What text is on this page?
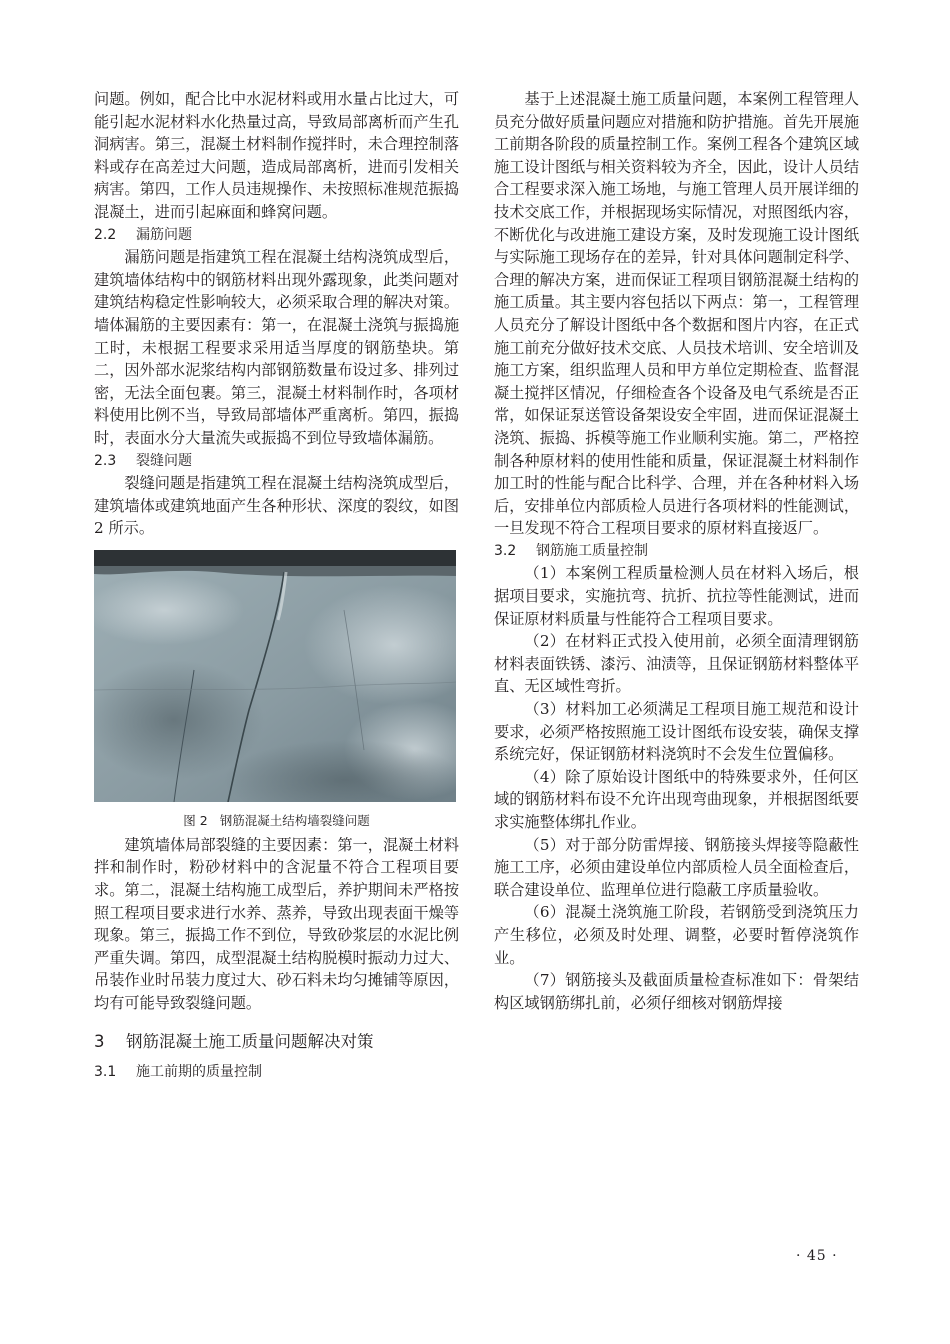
问题。例如，配合比中水泥材料或用水量占比过大，可能引起水泥材料水化热量过高，导致局部离析而产生孔洞病害。第三，混凝土材料制作搅拌时，未合理控制落料或存在高差过大问题，造成局部离析，进而引发相关病害。第四，工作人员违规操作、未按照标准规范振捣混凝土，进而引起麻面和蜂窝问题。

2.2 漏筋问题

漏筋问题是指建筑工程在混凝土结构浇筑成型后，建筑墙体结构中的钢筋材料出现外露现象，此类问题对建筑结构稳定性影响较大，必须采取合理的解决对策。墙体漏筋的主要因素有：第一，在混凝土浇筑与振捣施工时，未根据工程要求采用适当厚度的钢筋垫块。第二，因外部水泥浆结构内部钢筋数量布设过多、排列过密，无法全面包裹。第三，混凝土材料制作时，各项材料使用比例不当，导致局部墙体严重离析。第四，振捣时，表面水分大量流失或振捣不到位导致墙体漏筋。

2.3 裂缝问题

裂缝问题是指建筑工程在混凝土结构浇筑成型后，建筑墙体或建筑地面产生各种形状、深度的裂纹，如图 2 所示。

图 2 钢筋混凝土结构墙裂缝问题

建筑墙体局部裂缝的主要因素：第一，混凝土材料拌和制作时，粉砂材料中的含泥量不符合工程项目要求。第二，混凝土结构施工成型后，养护期间未严格按照工程项目要求进行水养、蒸养，导致出现表面干燥等现象。第三，振捣工作不到位，导致砂浆层的水泥比例严重失调。第四，成型混凝土结构脱模时振动力过大、吊装作业时吊装力度过大、砂石料未均匀摊铺等原因，均有可能导致裂缝问题。

3 钢筋混凝土施工质量问题解决对策
3.1 施工前期的质量控制

基于上述混凝土施工质量问题，本案例工程管理人员充分做好质量问题应对措施和防护措施。首先开展施工前期各阶段的质量控制工作。案例工程各个建筑区域施工设计图纸与相关资料较为齐全，因此，设计人员结合工程要求深入施工场地，与施工管理人员开展详细的技术交底工作，并根据现场实际情况，对照图纸内容，不断优化与改进施工建设方案，及时发现施工设计图纸与实际施工现场存在的差异，针对具体问题制定科学、合理的解决方案，进而保证工程项目钢筋混凝土结构的施工质量。其主要内容包括以下两点：第一，工程管理人员充分了解设计图纸中各个数据和图片内容，在正式施工前充分做好技术交底、人员技术培训、安全培训及施工方案，组织监理人员和甲方单位定期检查、监督混凝土搅拌区情况，仔细检查各个设备及电气系统是否正常，如保证泵送管设备架设安全牢固，进而保证混凝土浇筑、振捣、拆模等施工作业顺利实施。第二，严格控制各种原材料的使用性能和质量，保证混凝土材料制作加工时的性能与配合比科学、合理，并在各种材料入场后，安排单位内部质检人员进行各项材料的性能测试，一旦发现不符合工程项目要求的原材料直接返厂。

3.2 钢筋施工质量控制

（1）本案例工程质量检测人员在材料入场后，根据项目要求，实施抗弯、抗折、抗拉等性能测试，进而保证原材料质量与性能符合工程项目要求。

（2）在材料正式投入使用前，必须全面清理钢筋材料表面铁锈、漆污、油渍等，且保证钢筋材料整体平直、无区域性弯折。

（3）材料加工必须满足工程项目施工规范和设计要求，必须严格按照施工设计图纸布设安装，确保支撑系统完好，保证钢筋材料浇筑时不会发生位置偏移。

（4）除了原始设计图纸中的特殊要求外，任何区域的钢筋材料布设不允许出现弯曲现象，并根据图纸要求实施整体绑扎作业。

（5）对于部分防雷焊接、钢筋接头焊接等隐蔽性施工工序，必须由建设单位内部质检人员全面检查后，联合建设单位、监理单位进行隐蔽工序质量验收。

（6）混凝土浇筑施工阶段，若钢筋受到浇筑压力产生移位，必须及时处理、调整，必要时暂停浇筑作业。

（7）钢筋接头及截面质量检查标准如下：骨架结构区域钢筋绑扎前，必须仔细核对钢筋焊接

· 45 ·
